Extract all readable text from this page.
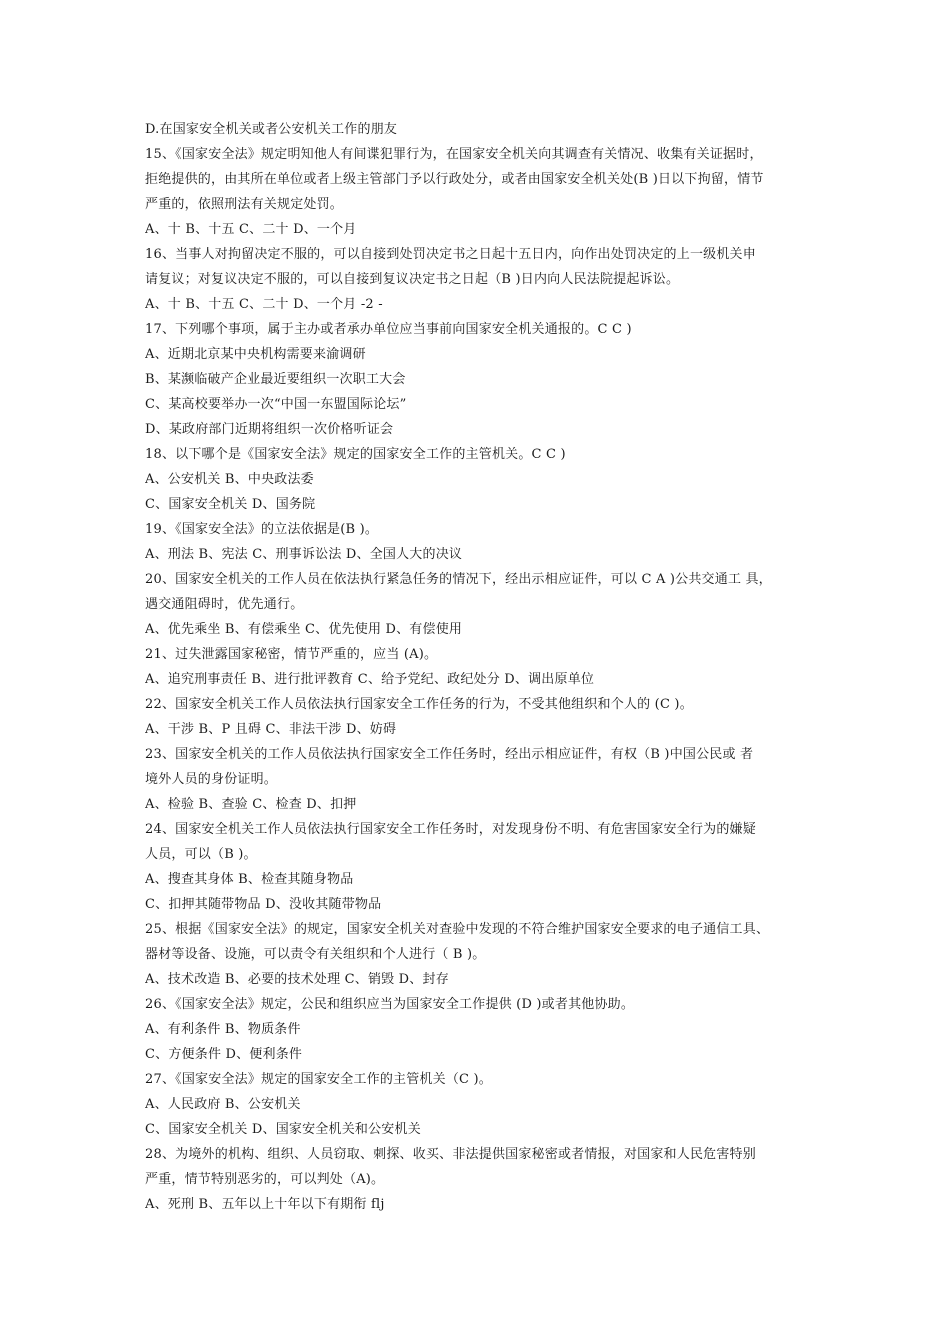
D.在国家安全机关或者公安机关工作的朋友
15、《国家安全法》规定明知他人有间谍犯罪行为，在国家安全机关向其调查有关情况、收集有关证据时，
拒绝提供的，由其所在单位或者上级主管部门予以行政处分，或者由国家安全机关处(B )日以下拘留，情节
严重的，依照刑法有关规定处罚。
A、十 B、十五 C、二十 D、一个月
16、当事人对拘留决定不服的，可以自接到处罚决定书之日起十五日内，向作出处罚决定的上一级机关申
请复议；对复议决定不服的，可以自接到复议决定书之日起（B )日内向人民法院提起诉讼。
A、十 B、十五 C、二十 D、一个月 -2 -
17、下列哪个事项，属于主办或者承办单位应当事前向国家安全机关通报的。C C )
A、近期北京某中央机构需要来渝调研
B、某濒临破产企业最近要组织一次职工大会
C、某高校要举办一次“中国一东盟国际论坛”
D、某政府部门近期将组织一次价格听证会
18、以下哪个是《国家安全法》规定的国家安全工作的主管机关。C C )
A、公安机关 B、中央政法委
C、国家安全机关 D、国务院
19、《国家安全法》的立法依据是(B )。
A、刑法 B、宪法 C、刑事诉讼法 D、全国人大的决议
20、国家安全机关的工作人员在依法执行紧急任务的情况下，经出示相应证件，可以 C A )公共交通工 具，
遇交通阻碍时，优先通行。
A、优先乘坐 B、有偿乘坐 C、优先使用 D、有偿使用
21、过失泄露国家秘密，情节严重的，应当 (A)。
A、追究刑事责任 B、进行批评教育 C、给予党纪、政纪处分 D、调出原单位
22、国家安全机关工作人员依法执行国家安全工作任务的行为，不受其他组织和个人的 (C )。
A、干涉 B、P 且碍 C、非法干涉 D、妨碍
23、国家安全机关的工作人员依法执行国家安全工作任务时，经出示相应证件，有权（B )中国公民或 者
境外人员的身份证明。
A、检验 B、查验 C、检查 D、扣押
24、国家安全机关工作人员依法执行国家安全工作任务时，对发现身份不明、有危害国家安全行为的嫌疑
人员，可以（B )。
A、搜查其身体 B、检查其随身物品
C、扣押其随带物品 D、没收其随带物品
25、根据《国家安全法》的规定，国家安全机关对查验中发现的不符合维护国家安全要求的电子通信工具、
器材等设备、设施，可以责令有关组织和个人进行（ B )。
A、技术改造 B、必要的技术处理 C、销毁 D、封存
26、《国家安全法》规定，公民和组织应当为国家安全工作提供 (D )或者其他协助。
A、有利条件 B、物质条件
C、方便条件 D、便利条件
27、《国家安全法》规定的国家安全工作的主管机关（C )。
A、人民政府 B、公安机关
C、国家安全机关 D、国家安全机关和公安机关
28、为境外的机构、组织、人员窃取、刺探、收买、非法提供国家秘密或者情报，对国家和人民危害特别
严重，情节特别恶劣的，可以判处（A)。
A、死刑 B、五年以上十年以下有期衔 flj
